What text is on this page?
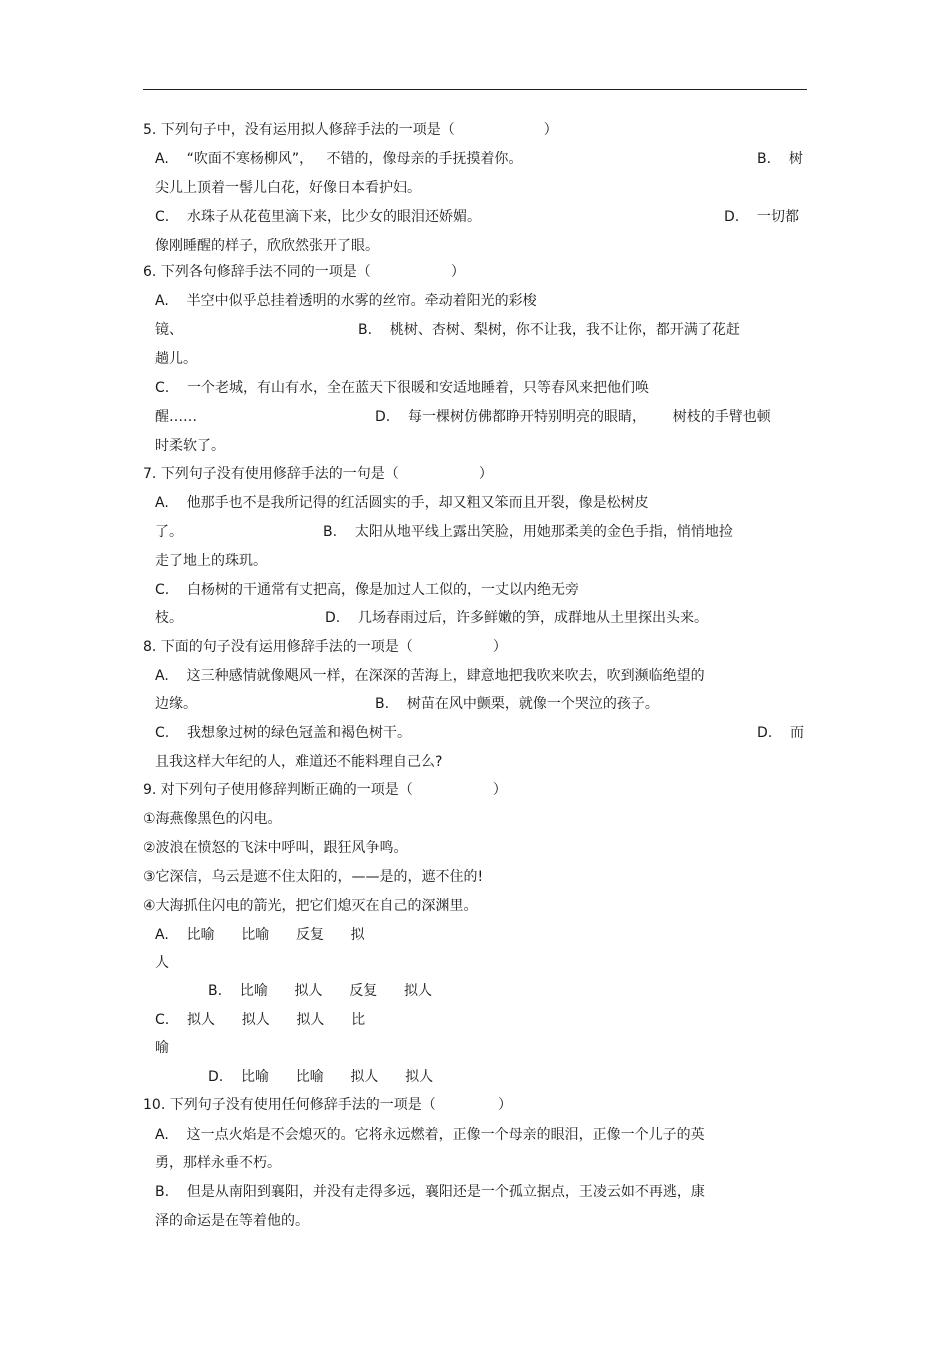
5. 下列句子中，没有运用拟人修辞手法的一项是（                    ）
A.    “吹面不寒杨柳风”，   不错的，像母亲的手抚摸着你。	B.    树
尖儿上顶着一髻儿白花，好像日本看护妇。
C.    水珠子从花苞里滴下来，比少女的眼泪还娇媚。	D.    一切都
像刚睡醒的样子，欣欣然张开了眼。
6. 下列各句修辞手法不同的一项是（                  ）
A.    半空中似乎总挂着透明的水雾的丝帘。牵动着阳光的彩梭
镜、	B.    桃树、杏树、梨树，你不让我，我不让你，都开满了花赶
趟儿。
C.    一个老城，有山有水，全在蓝天下很暖和安适地睡着，只等春风来把他们唤
醒……	D.    每一棵树仿佛都睁开特别明亮的眼睛，      树枝的手臂也顿
时柔软了。
7. 下列句子没有使用修辞手法的一句是（                  ）
A.    他那手也不是我所记得的红活圆实的手，却又粗又笨而且开裂，像是松树皮
了。	B.    太阳从地平线上露出笑脸，用她那柔美的金色手指，悄悄地捡
走了地上的珠玑。
C.    白杨树的干通常有丈把高，像是加过人工似的，一丈以内绝无旁
枝。	D.    几场春雨过后，许多鲜嫩的笋，成群地从土里探出头来。
8. 下面的句子没有运用修辞手法的一项是（                  ）
A.    这三种感情就像飓风一样，在深深的苦海上，肆意地把我吹来吹去，吹到濒临绝望的
边缘。	B.    树苗在风中颤栗，就像一个哭泣的孩子。
C.    我想象过树的绿色冠盖和褐色树干。	D.    而
且我这样大年纪的人，难道还不能料理自己么?
9. 对下列句子使用修辞判断正确的一项是（                  ）
①海燕像黑色的闪电。
②波浪在愤怒的飞沫中呼叫，跟狂风争鸣。
③它深信，乌云是遮不住太阳的，——是的，遮不住的!
④大海抓住闪电的箭光，把它们熄灭在自己的深渊里。
A.    比喻      比喻      反复      拟
人
B.    比喻      拟人      反复      拟人
C.    拟人      拟人      拟人      比
喻
D.    比喻      比喻      拟人      拟人
10. 下列句子没有使用任何修辞手法的一项是（              ）
A.    这一点火焰是不会熄灭的。它将永远燃着，正像一个母亲的眼泪，正像一个儿子的英
勇，那样永垂不朽。
B.    但是从南阳到襄阳，并没有走得多远，襄阳还是一个孤立据点，王凌云如不再逃，康
泽的命运是在等着他的。
